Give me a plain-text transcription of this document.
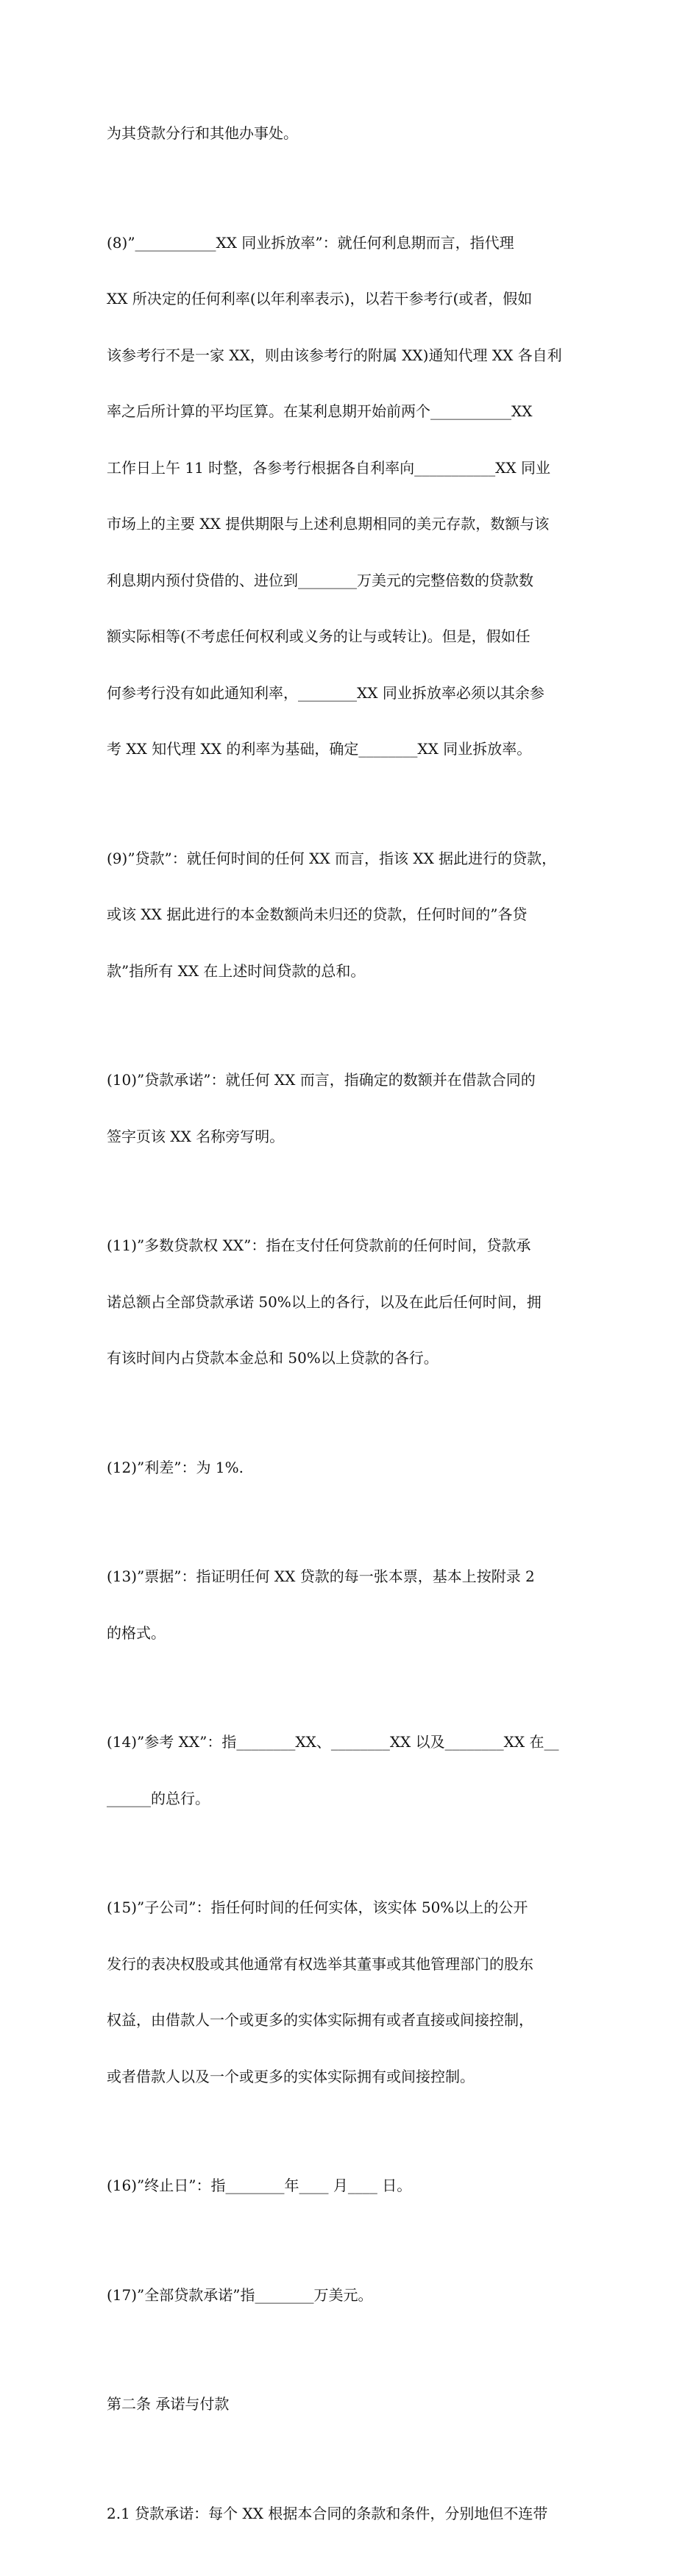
为其贷款分行和其他办事处。

(8)”___________XX 同业拆放率”：就任何利息期而言，指代理

XX 所决定的任何利率(以年利率表示)，以若干参考行(或者，假如

该参考行不是一家 XX，则由该参考行的附属 XX)通知代理 XX 各自利

率之后所计算的平均匡算。在某利息期开始前两个___________XX

工作日上午 11 时整，各参考行根据各自利率向___________XX 同业

市场上的主要 XX 提供期限与上述利息期相同的美元存款，数额与该

利息期内预付贷借的、进位到________万美元的完整倍数的贷款数

额实际相等(不考虑任何权利或义务的让与或转让)。但是，假如任

何参考行没有如此通知利率，________XX 同业拆放率必须以其余参

考 XX 知代理 XX 的利率为基础，确定________XX 同业拆放率。

(9)”贷款”：就任何时间的任何 XX 而言，指该 XX 据此进行的贷款，

或该 XX 据此进行的本金数额尚未归还的贷款，任何时间的”各贷

款”指所有 XX 在上述时间贷款的总和。

(10)”贷款承诺”：就任何 XX 而言，指确定的数额并在借款合同的

签字页该 XX 名称旁写明。

(11)”多数贷款权 XX”：指在支付任何贷款前的任何时间，贷款承

诺总额占全部贷款承诺 50%以上的各行，以及在此后任何时间，拥

有该时间内占贷款本金总和 50%以上贷款的各行。

(12)”利差”：为 1%.

(13)”票据”：指证明任何 XX 贷款的每一张本票，基本上按附录 2

的格式。

(14)”参考 XX”：指________XX、________XX 以及________XX 在__

______的总行。

(15)”子公司”：指任何时间的任何实体，该实体 50%以上的公开

发行的表决权股或其他通常有权选举其董事或其他管理部门的股东

权益，由借款人一个或更多的实体实际拥有或者直接或间接控制，

或者借款人以及一个或更多的实体实际拥有或间接控制。

(16)”终止日”：指________年____ 月____ 日。

(17)”全部贷款承诺”指________万美元。

第二条 承诺与付款

2.1 贷款承诺：每个 XX 根据本合同的条款和条件，分别地但不连带
